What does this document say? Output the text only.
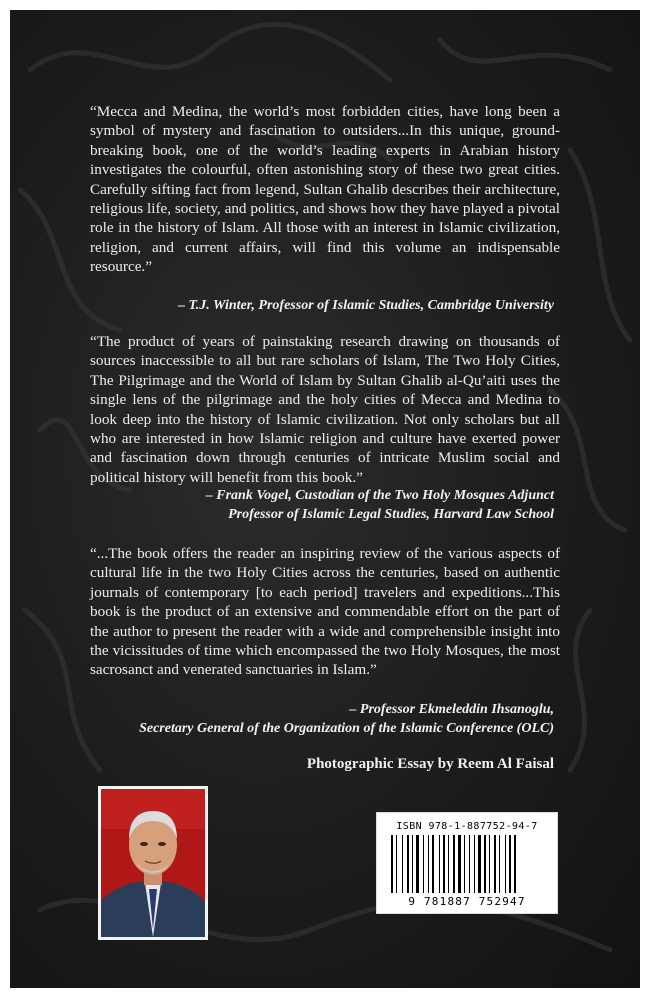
“Mecca and Medina, the world’s most forbidden cities, have long been a symbol of mystery and fascination to outsiders...In this unique, ground-breaking book, one of the world’s leading experts in Arabian history investigates the colourful, often astonishing story of these two great cities. Carefully sifting fact from legend, Sultan Ghalib describes their architecture, religious life, society, and politics, and shows how they have played a pivotal role in the history of Islam. All those with an interest in Islamic civilization, religion, and current affairs, will find this volume an indispensable resource.”

– T.J. Winter, Professor of Islamic Studies, Cambridge University

“The product of years of painstaking research drawing on thousands of sources inaccessible to all but rare scholars of Islam, The Two Holy Cities, The Pilgrimage and the World of Islam by Sultan Ghalib al-Qu’aiti uses the single lens of the pilgrimage and the holy cities of Mecca and Medina to look deep into the history of Islamic civilization. Not only scholars but all who are interested in how Islamic religion and culture have exerted power and fascination down through centuries of intricate Muslim social and political history will benefit from this book.”

– Frank Vogel, Custodian of the Two Holy Mosques Adjunct
Professor of Islamic Legal Studies, Harvard Law School

“...The book offers the reader an inspiring review of the various aspects of cultural life in the two Holy Cities across the centuries, based on authentic journals of contemporary [to each period] travelers and expeditions...This book is the product of an extensive and commendable effort on the part of the author to present the reader with a wide and comprehensible insight into the vicissitudes of time which encompassed the two Holy Mosques, the most sacrosanct and venerated sanctuaries in Islam.”

– Professor Ekmeleddin Ihsanoglu,
Secretary General of the Organization of the Islamic Conference (OLC)
Photographic Essay by Reem Al Faisal
ISBN 978-1-887752-94-7
9 781887 752947
